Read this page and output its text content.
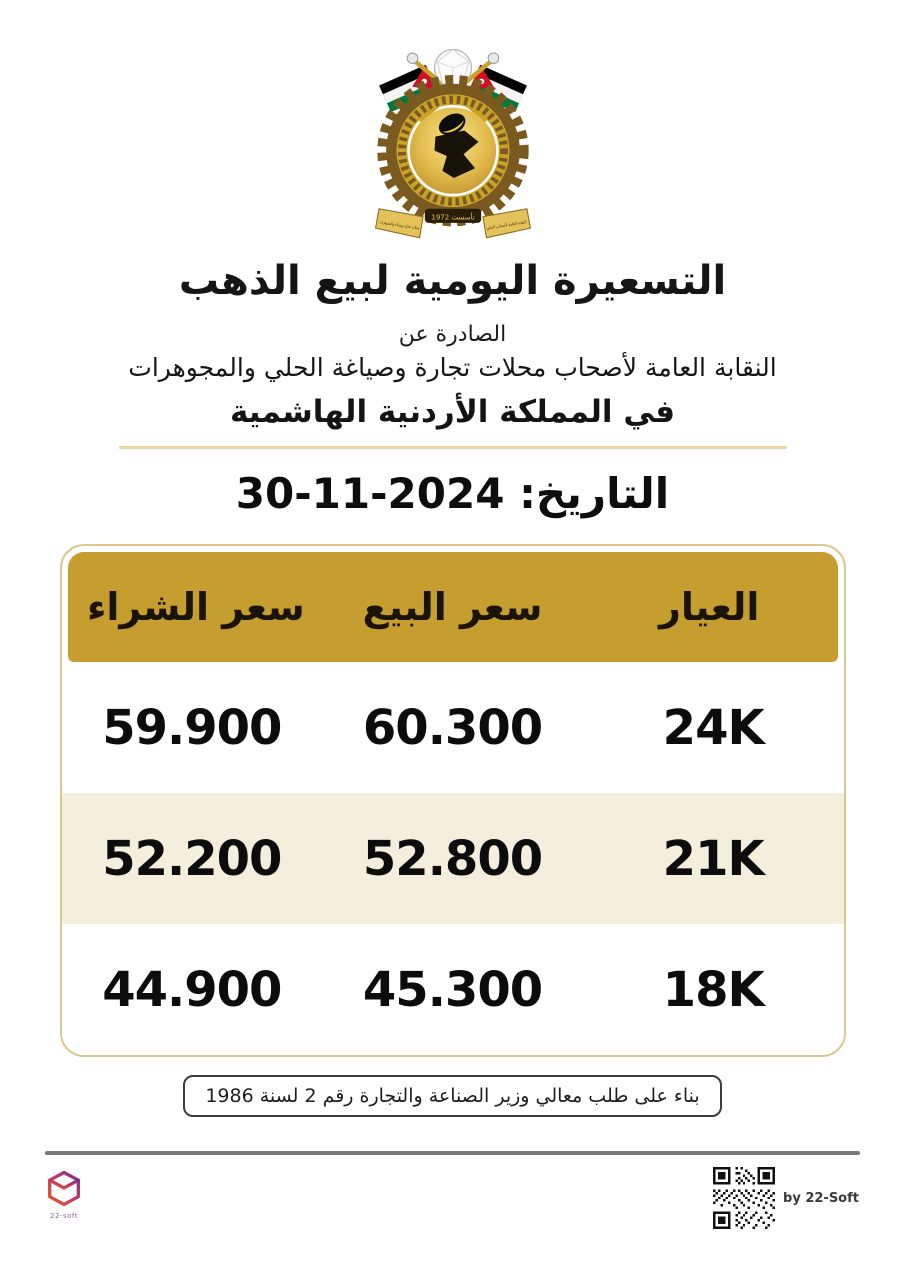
تأسست 1972
محلات تجارة وصياغة والمجوهرات	النقابة العامة لأصحاب الحلي
التسعيرة اليومية لبيع الذهب
الصادرة عن
النقابة العامة لأصحاب محلات تجارة وصياغة الحلي والمجوهرات
في المملكة الأردنية الهاشمية
التاريخ: 30-11-2024
العيار
سعر البيع
سعر الشراء
24K
60.300
59.900
21K
52.800
52.200
18K
45.300
44.900
بناء على طلب معالي وزير الصناعة والتجارة رقم 2 لسنة 1986
22-soft
by 22-Soft
